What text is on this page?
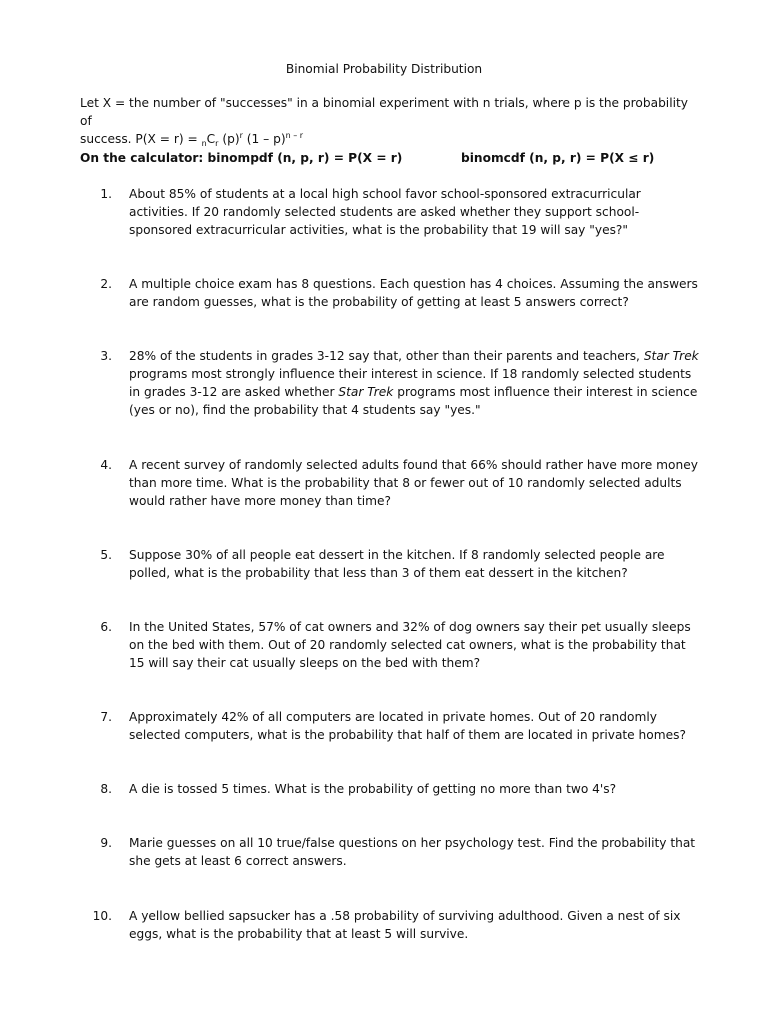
Binomial Probability Distribution
Let X = the number of "successes" in a binomial experiment with n trials, where p is the probability of
success. $P(X = r) = _nC_r$ $(p)^r$ (1 – p)$^{n - r}$
On the calculator: binompdf (n, p, r) = P(X = r)	binomcdf (n, p, r) = P(X ≤ r)
1. About 85% of students at a local high school favor school-sponsored extracurricular activities. If 20 randomly selected students are asked whether they support school-sponsored extracurricular activities, what is the probability that 19 will say "yes?"
2. A multiple choice exam has 8 questions. Each question has 4 choices. Assuming the answers are random guesses, what is the probability of getting at least 5 answers correct?
3. 28% of the students in grades 3-12 say that, other than their parents and teachers, Star Trek programs most strongly influence their interest in science. If 18 randomly selected students in grades 3-12 are asked whether Star Trek programs most influence their interest in science (yes or no), find the probability that 4 students say "yes."
4. A recent survey of randomly selected adults found that 66% should rather have more money than more time. What is the probability that 8 or fewer out of 10 randomly selected adults would rather have more money than time?
5. Suppose 30% of all people eat dessert in the kitchen. If 8 randomly selected people are polled, what is the probability that less than 3 of them eat dessert in the kitchen?
6. In the United States, 57% of cat owners and 32% of dog owners say their pet usually sleeps on the bed with them. Out of 20 randomly selected cat owners, what is the probability that 15 will say their cat usually sleeps on the bed with them?
7. Approximately 42% of all computers are located in private homes. Out of 20 randomly selected computers, what is the probability that half of them are located in private homes?
8. A die is tossed 5 times. What is the probability of getting no more than two 4's?
9. Marie guesses on all 10 true/false questions on her psychology test. Find the probability that she gets at least 6 correct answers.
10. A yellow bellied sapsucker has a .58 probability of surviving adulthood. Given a nest of six eggs, what is the probability that at least 5 will survive.
